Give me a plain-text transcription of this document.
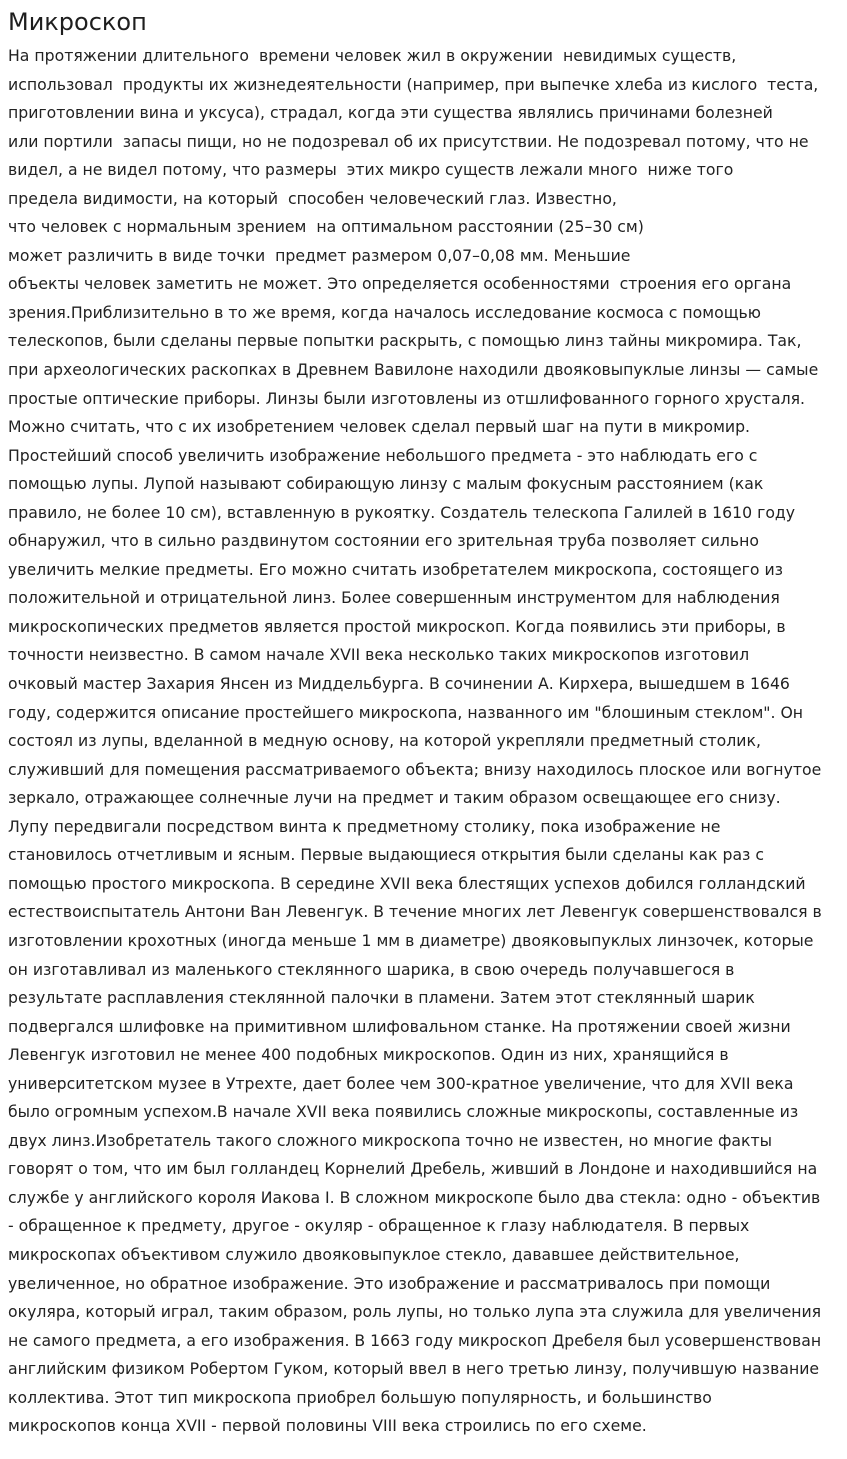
Микроскоп
На протяжении длительного  времени человек жил в окружении  невидимых существ,
использовал  продукты их жизнедеятельности (например, при выпечке хлеба из кислого  теста,
приготовлении вина и уксуса), страдал, когда эти существа являлись причинами болезней
или портили  запасы пищи, но не подозревал об их присутствии. Не подозревал потому, что не
видел, а не видел потому, что размеры  этих микро существ лежали много  ниже того
предела видимости, на который  способен человеческий глаз. Известно,
что человек с нормальным зрением  на оптимальном расстоянии (25–30 см)
может различить в виде точки  предмет размером 0,07–0,08 мм. Меньшие
объекты человек заметить не может. Это определяется особенностями  строения его органа
зрения.Приблизительно в то же время, когда началось исследование космоса с помощью
телескопов, были сделаны первые попытки раскрыть, с помощью линз тайны микромира. Так,
при археологических раскопках в Древнем Вавилоне находили двояковыпуклые линзы — самые
простые оптические приборы. Линзы были изготовлены из отшлифованного горного хрусталя.
Можно считать, что с их изобретением человек сделал первый шаг на пути в микромир.
Простейший способ увеличить изображение небольшого предмета - это наблюдать его с
помощью лупы. Лупой называют собирающую линзу с малым фокусным расстоянием (как
правило, не более 10 см), вставленную в рукоятку. Создатель телескопа Галилей в 1610 году
обнаружил, что в сильно раздвинутом состоянии его зрительная труба позволяет сильно
увеличить мелкие предметы. Его можно считать изобретателем микроскопа, состоящего из
положительной и отрицательной линз. Более совершенным инструментом для наблюдения
микроскопических предметов является простой микроскоп. Когда появились эти приборы, в
точности неизвестно. В самом начале XVII века несколько таких микроскопов изготовил
очковый мастер Захария Янсен из Миддельбурга. В сочинении А. Кирхера, вышедшем в 1646
году, содержится описание простейшего микроскопа, названного им "блошиным стеклом". Он
состоял из лупы, вделанной в медную основу, на которой укрепляли предметный столик,
служивший для помещения рассматриваемого объекта; внизу находилось плоское или вогнутое
зеркало, отражающее солнечные лучи на предмет и таким образом освещающее его снизу.
Лупу передвигали посредством винта к предметному столику, пока изображение не
становилось отчетливым и ясным. Первые выдающиеся открытия были сделаны как раз с
помощью простого микроскопа. В середине XVII века блестящих успехов добился голландский
естествоиспытатель Антони Ван Левенгук. В течение многих лет Левенгук совершенствовался в
изготовлении крохотных (иногда меньше 1 мм в диаметре) двояковыпуклых линзочек, которые
он изготавливал из маленького стеклянного шарика, в свою очередь получавшегося в
результате расплавления стеклянной палочки в пламени. Затем этот стеклянный шарик
подвергался шлифовке на примитивном шлифовальном станке. На протяжении своей жизни
Левенгук изготовил не менее 400 подобных микроскопов. Один из них, хранящийся в
университетском музее в Утрехте, дает более чем 300-кратное увеличение, что для XVII века
было огромным успехом.В начале XVII века появились сложные микроскопы, составленные из
двух линз.Изобретатель такого сложного микроскопа точно не известен, но многие факты
говорят о том, что им был голландец Корнелий Дребель, живший в Лондоне и находившийся на
службе у английского короля Иакова I. В сложном микроскопе было два стекла: одно - объектив
- обращенное к предмету, другое - окуляр - обращенное к глазу наблюдателя. В первых
микроскопах объективом служило двояковыпуклое стекло, дававшее действительное,
увеличенное, но обратное изображение. Это изображение и рассматривалось при помощи
окуляра, который играл, таким образом, роль лупы, но только лупа эта служила для увеличения
не самого предмета, а его изображения. В 1663 году микроскоп Дребеля был усовершенствован
английским физиком Робертом Гуком, который ввел в него третью линзу, получившую название
коллектива. Этот тип микроскопа приобрел большую популярность, и большинство
микроскопов конца XVII - первой половины VIII века строились по его схеме.
